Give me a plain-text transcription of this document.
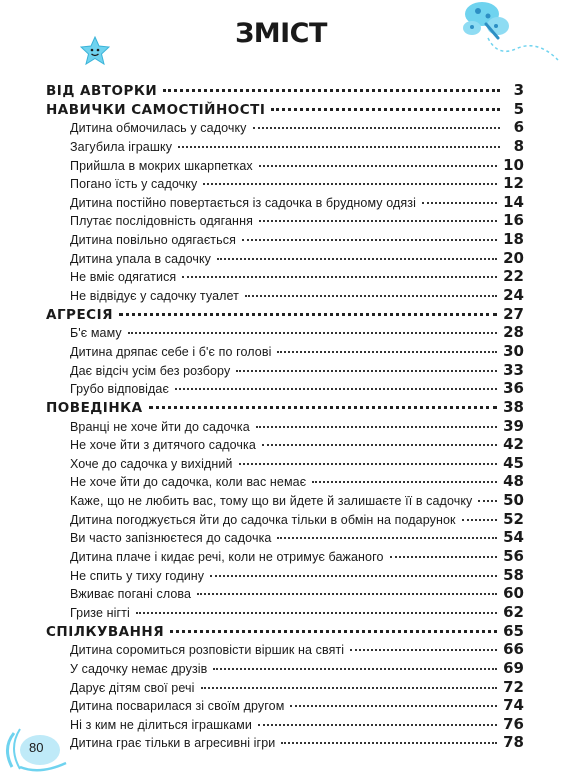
ЗМІСТ
ВІД АВТОРКИ	3
НАВИЧКИ САМОСТІЙНОСТІ	5
Дитина обмочилась у садочку	6
Загубила іграшку	8
Прийшла в мокрих шкарпетках	10
Погано їсть у садочку	12
Дитина постійно повертається із садочка в брудному одязі	14
Плутає послідовність одягання	16
Дитина повільно одягається	18
Дитина упала в садочку	20
Не вміє одягатися	22
Не відвідує у садочку туалет	24
АГРЕСІЯ	27
Б'є маму	28
Дитина дряпає себе і б'є по голові	30
Дає відсіч усім без розбору	33
Грубо відповідає	36
ПОВЕДІНКА	38
Вранці не хоче йти до садочка	39
Не хоче йти з дитячого садочка	42
Хоче до садочка у вихідний	45
Не хоче йти до садочка, коли вас немає	48
Каже, що не любить вас, тому що ви йдете й залишаєте її в садочку 50
Дитина погоджується йти до садочка тільки в обмін на подарунок	52
Ви часто запізнюєтеся до садочка	54
Дитина плаче і кидає речі, коли не отримує бажаного	56
Не спить у тиху годину	58
Вживає погані слова	60
Гризе нігті	62
СПІЛКУВАННЯ	65
Дитина соромиться розповісти віршик на святі	66
У садочку немає друзів	69
Дарує дітям свої речі	72
Дитина посварилася зі своїм другом	74
Ні з ким не ділиться іграшками	76
Дитина грає тільки в агресивні ігри	78
80
